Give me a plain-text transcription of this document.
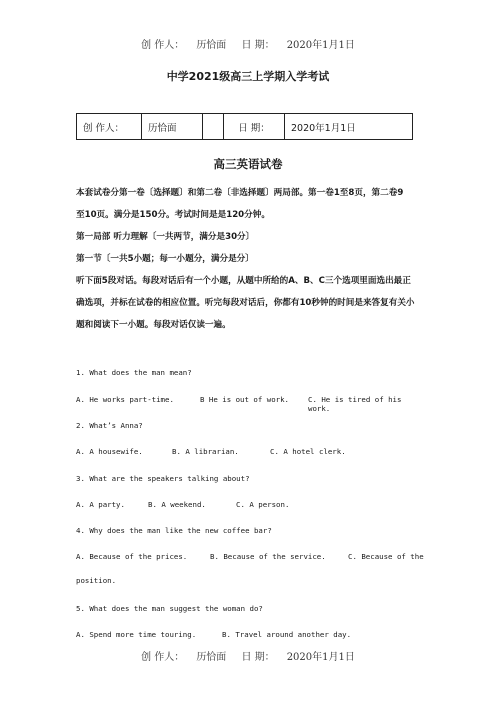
创 作人： 历恰面 日 期： 2020年1月1日
中学2021级高三上学期入学考试
创 作人：	历恰面		日 期：	2020年1月1日
高三英语试卷
本套试卷分第一卷〔选择题〕和第二卷〔非选择题〕两局部。第一卷1至8页，第二卷9
至10页。满分是150分。考试时间是是120分钟。
第一局部 听力理解〔一共两节，满分是30分〕
第一节〔一共5小题；每一小题分，满分是分〕
听下面5段对话。每段对话后有一个小题，从题中所给的A、B、C三个选项里面选出最正
确选项，并标在试卷的相应位置。听完每段对话后，你都有10秒钟的时间是来答复有关小
题和阅读下一小题。每段对话仅读一遍。
1. What does the man mean?
A. He works part-time.	B He is out of work.	C. He is tired of his work.
2. What’s Anna?
A. A housewife.	B. A librarian.	C. A hotel clerk.
3. What are the speakers talking about?
A. A party.	B. A weekend.	C. A person.
4. Why does the man like the new coffee bar?
A. Because of the prices.	B. Because of the service.	C. Because of the
position.
5. What does the man suggest the woman do?
A. Spend more time touring.	B. Travel around another day.
创 作人： 历恰面 日 期： 2020年1月1日
